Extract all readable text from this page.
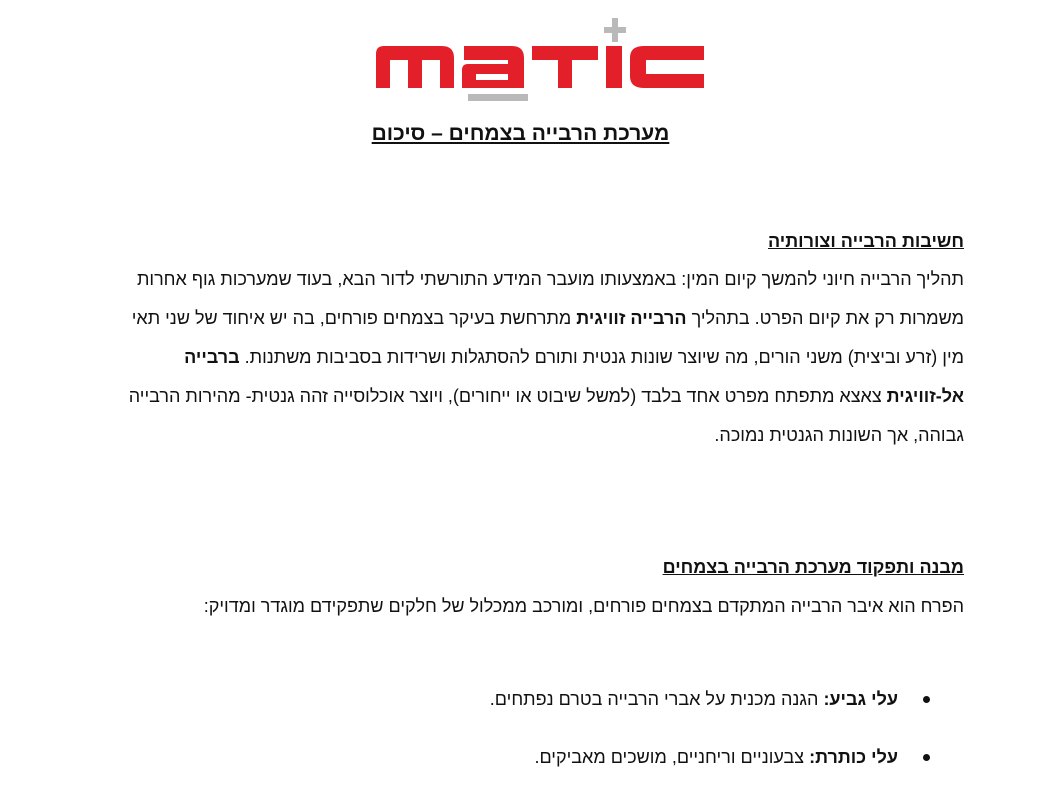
מערכת הרבייה בצמחים – סיכום
חשיבות הרבייה וצורותיה

תהליך הרבייה חיוני להמשך קיום המין: באמצעותו מועבר המידע התורשתי לדור הבא, בעוד שמערכות גוף אחרות משמרות רק את קיום הפרט. בתהליך הרבייה זוויגית מתרחשת בעיקר בצמחים פורחים, בה יש איחוד של שני תאי מין (זרע וביצית) משני הורים, מה שיוצר שונות גנטית ותורם להסתגלות ושרידות בסביבות משתנות. ברבייה אל-זוויגית צאצא מתפתח מפרט אחד בלבד (למשל שיבוט או ייחורים), ויוצר אוכלוסייה זהה גנטית- מהירות הרבייה גבוהה, אך השונות הגנטית נמוכה.

מבנה ותפקוד מערכת הרבייה בצמחים

הפרח הוא איבר הרבייה המתקדם בצמחים פורחים, ומורכב ממכלול של חלקים שתפקידם מוגדר ומדויק:

עלי גביע: הגנה מכנית על אברי הרבייה בטרם נפתחים.
עלי כותרת: צבעוניים וריחניים, מושכים מאביקים.
